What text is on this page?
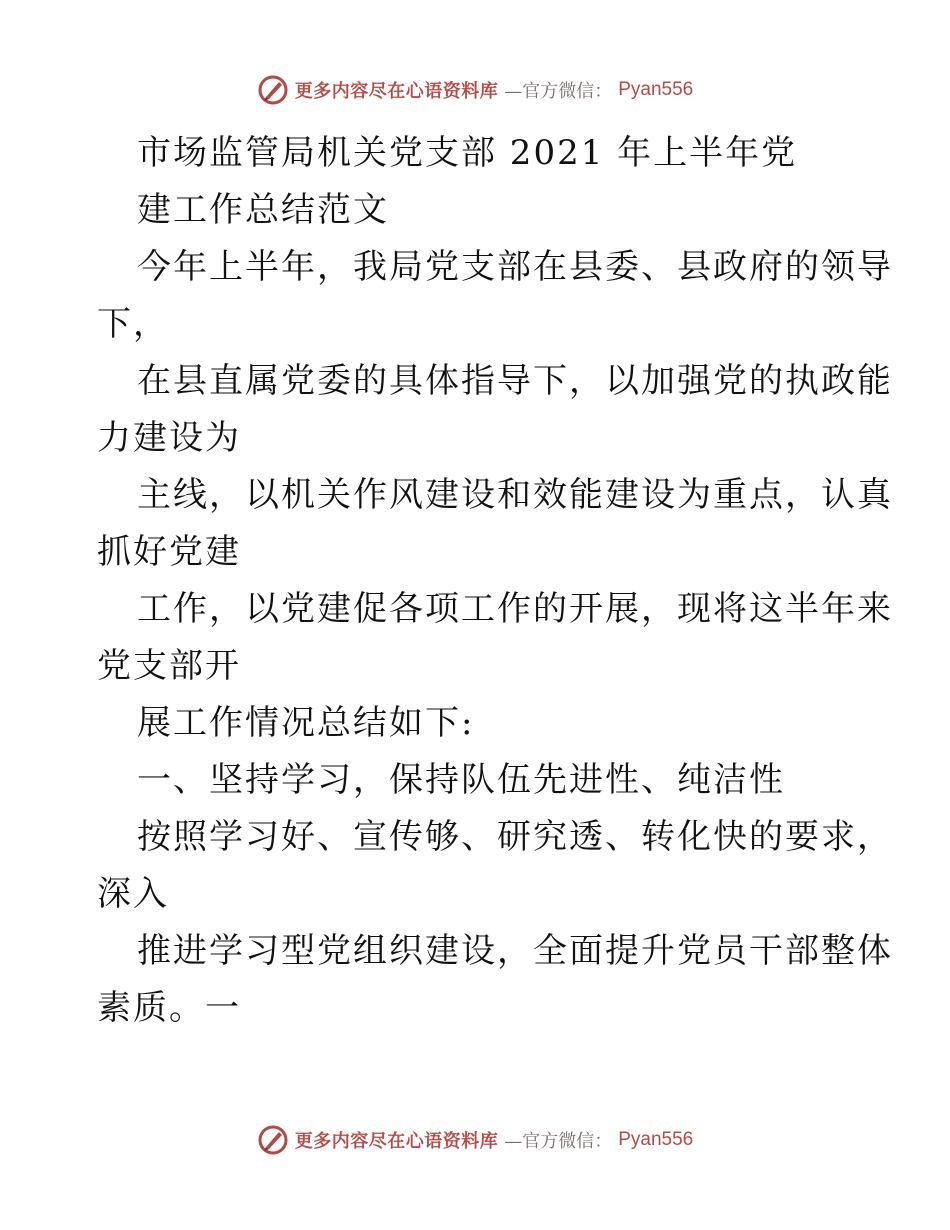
更多内容尽在心语资料库 —官方微信： Pyan556
市场监管局机关党支部 2021 年上半年党
建工作总结范文
今年上半年，我局党支部在县委、县政府的领导
下，
在县直属党委的具体指导下，以加强党的执政能
力建设为
主线，以机关作风建设和效能建设为重点，认真
抓好党建
工作，以党建促各项工作的开展，现将这半年来
党支部开
展工作情况总结如下:
一、坚持学习，保持队伍先进性、纯洁性
按照学习好、宣传够、研究透、转化快的要求，
深入
推进学习型党组织建设，全面提升党员干部整体
素质。一
更多内容尽在心语资料库 —官方微信： Pyan556
